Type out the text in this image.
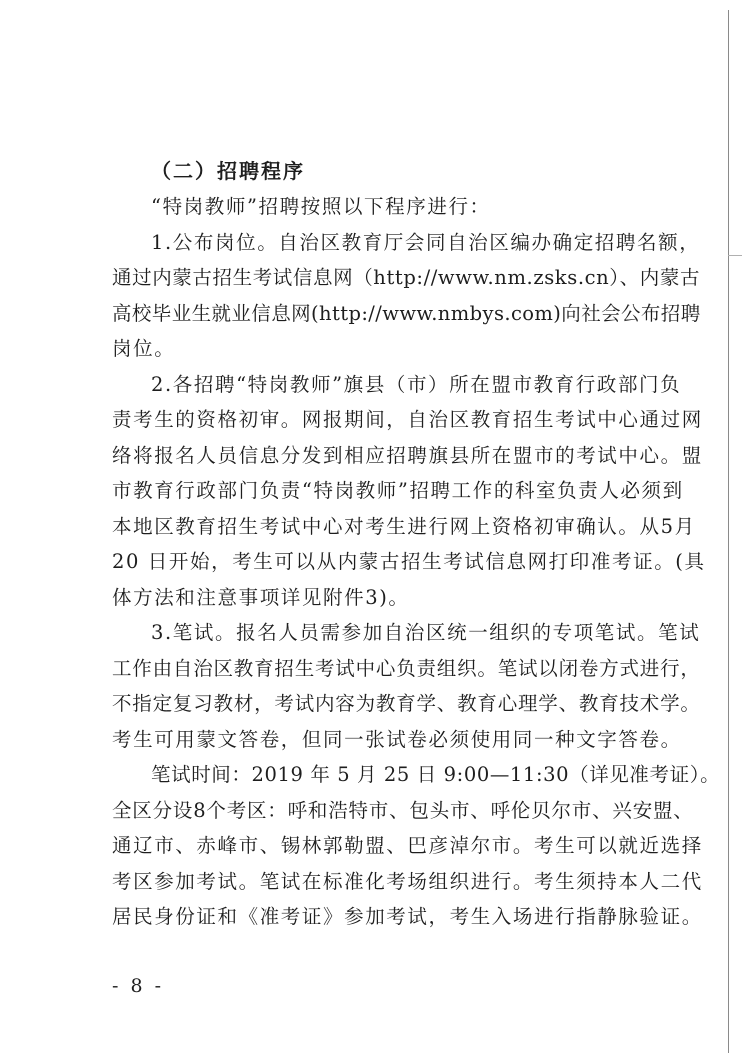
（二）招聘程序
“特岗教师”招聘按照以下程序进行：
1.公布岗位。自治区教育厅会同自治区编办确定招聘名额，
通过内蒙古招生考试信息网（http://www.nm.zsks.cn）、内蒙古
高校毕业生就业信息网(http://www.nmbys.com)向社会公布招聘
岗位。
2.各招聘“特岗教师”旗县（市）所在盟市教育行政部门负
责考生的资格初审。网报期间，自治区教育招生考试中心通过网
络将报名人员信息分发到相应招聘旗县所在盟市的考试中心。盟
市教育行政部门负责“特岗教师”招聘工作的科室负责人必须到
本地区教育招生考试中心对考生进行网上资格初审确认。从5月
20 日开始，考生可以从内蒙古招生考试信息网打印准考证。(具
体方法和注意事项详见附件3)。
3.笔试。报名人员需参加自治区统一组织的专项笔试。笔试
工作由自治区教育招生考试中心负责组织。笔试以闭卷方式进行，
不指定复习教材，考试内容为教育学、教育心理学、教育技术学。
考生可用蒙文答卷，但同一张试卷必须使用同一种文字答卷。
笔试时间：2019 年 5 月 25 日 9:00—11:30（详见准考证）。
全区分设8个考区：呼和浩特市、包头市、呼伦贝尔市、兴安盟、
通辽市、赤峰市、锡林郭勒盟、巴彦淖尔市。考生可以就近选择
考区参加考试。笔试在标准化考场组织进行。考生须持本人二代
居民身份证和《准考证》参加考试，考生入场进行指静脉验证。
- 8 -
